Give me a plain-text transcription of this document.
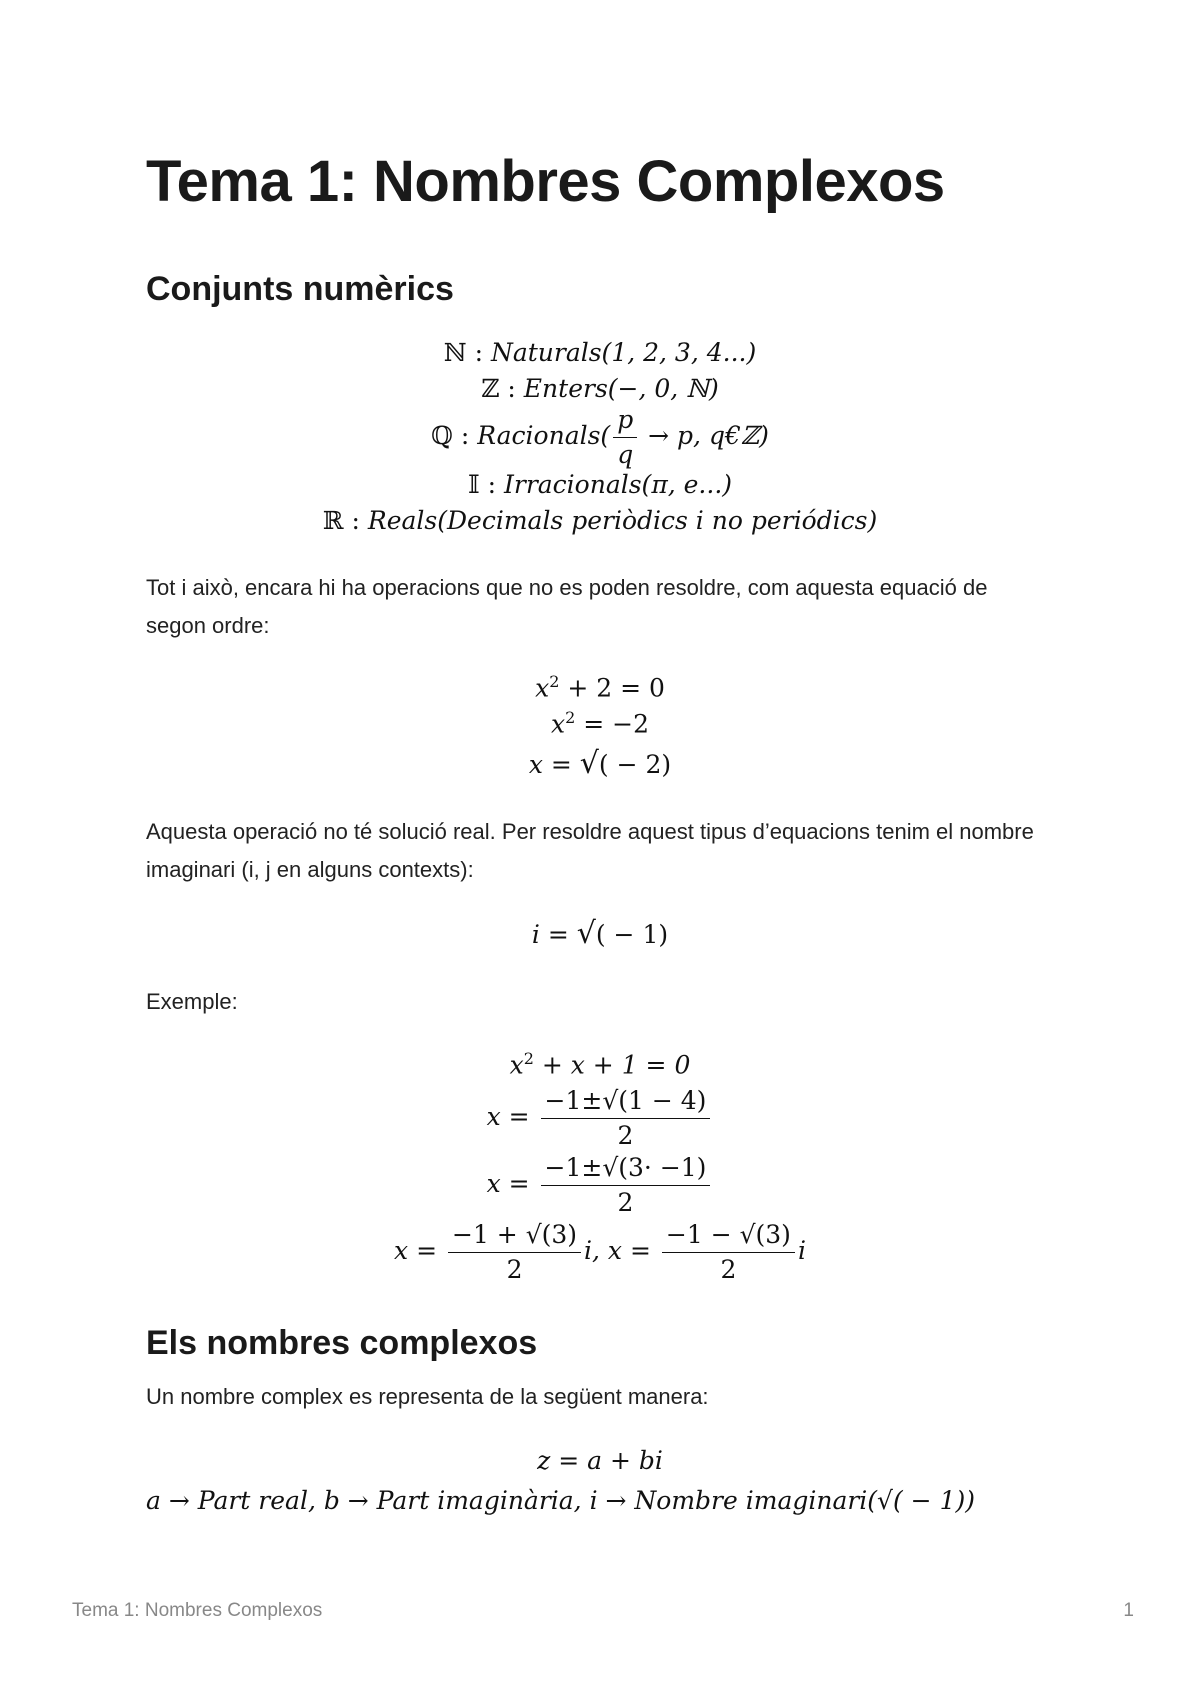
Tema 1: Nombres Complexos
Conjunts numèrics
ℕ : Naturals(1, 2, 3, 4...)
ℤ : Enters(−, 0, ℕ)
ℚ : Racionals( $\frac{p}{q} \to p$, q€ℤ)
𝕀 : Irracionals(π, e...)
ℝ : Reals(Decimals periòdics i no periódics)

Tot i això, encara hi ha operacions que no es poden resoldre, com aquesta equació de segon ordre:

$x^2 + 2 = 0$
$x^2 = -2$
x = √( − 2)

Aquesta operació no té solució real. Per resoldre aquest tipus d’equacions tenim el nombre imaginari (i, j en alguns contexts):

i = √( − 1)

Exemple:

$x^2 + x + 1 = 0$
$x = \frac{-1\pm√(1 - 4)}{2}$
$x = \frac{-1\pm√(3\cdot -1)}{2}$
$x = \frac{-1 + √(3)}{2} i$, $x = \frac{-1 - √(3)}{2}$ i
Els nombres complexos

Un nombre complex es representa de la següent manera:

z = a + bi
a → Part real, b → Part imaginària, i → Nombre imaginari(√( − 1))
Tema 1: Nombres Complexos	1
